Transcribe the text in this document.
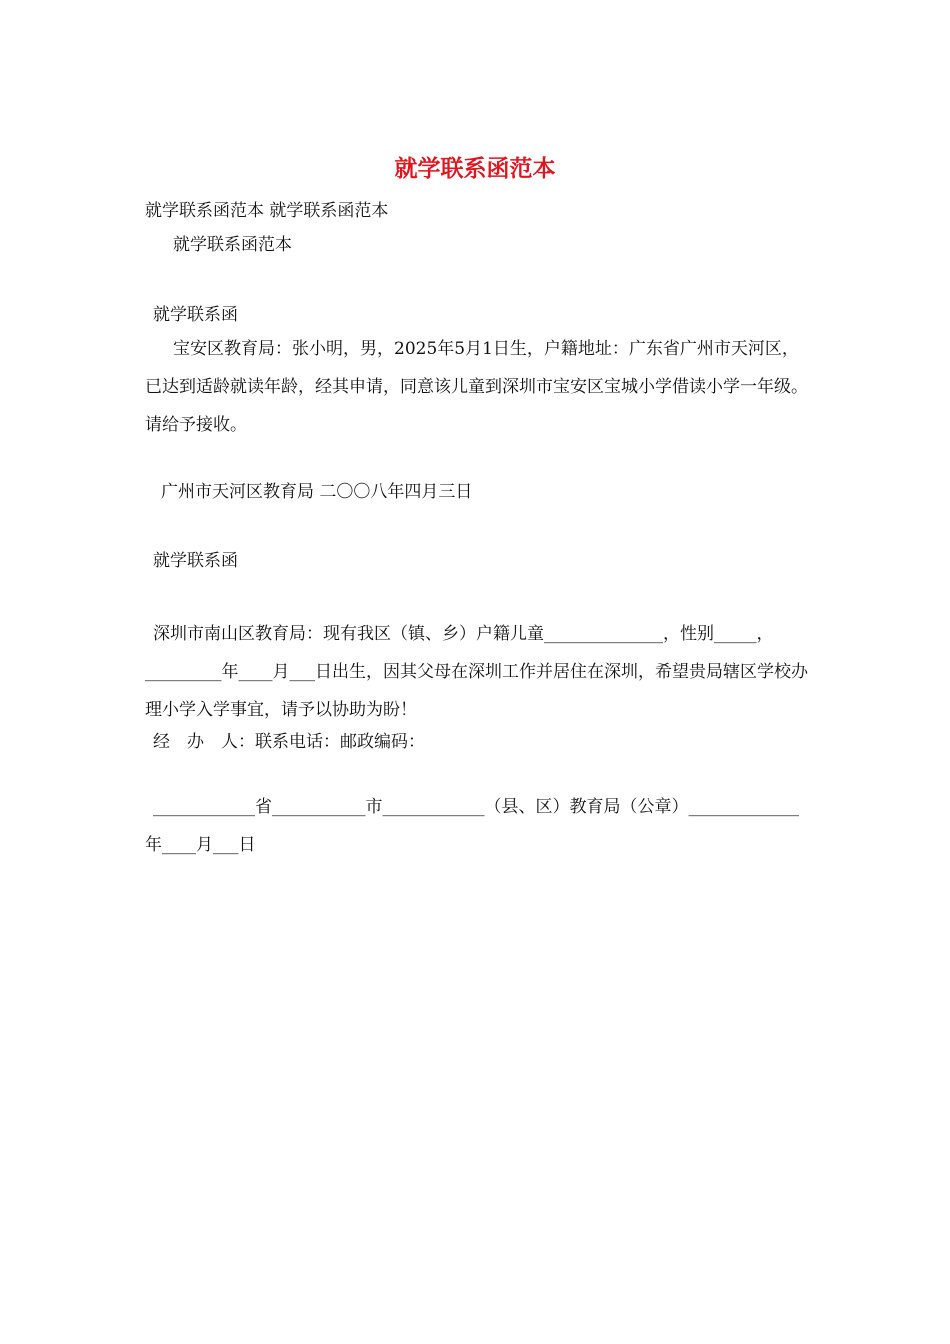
就学联系函范本

就学联系函范本 就学联系函范本

就学联系函范本

就学联系函

宝安区教育局：张小明，男，2025年5月1日生，户籍地址：广东省广州市天河区，已达到适龄就读年龄，经其申请，同意该儿童到深圳市宝安区宝城小学借读小学一年级。请给予接收。

广州市天河区教育局 二〇〇八年四月三日

就学联系函

深圳市南山区教育局：现有我区（镇、乡）户籍儿童______________，性别_____，_________年____月___日出生，因其父母在深圳工作并居住在深圳，希望贵局辖区学校办理小学入学事宜，请予以协助为盼！

经　办　人：联系电话：邮政编码：

____________省___________市____________（县、区）教育局（公章）_____________年____月___日
